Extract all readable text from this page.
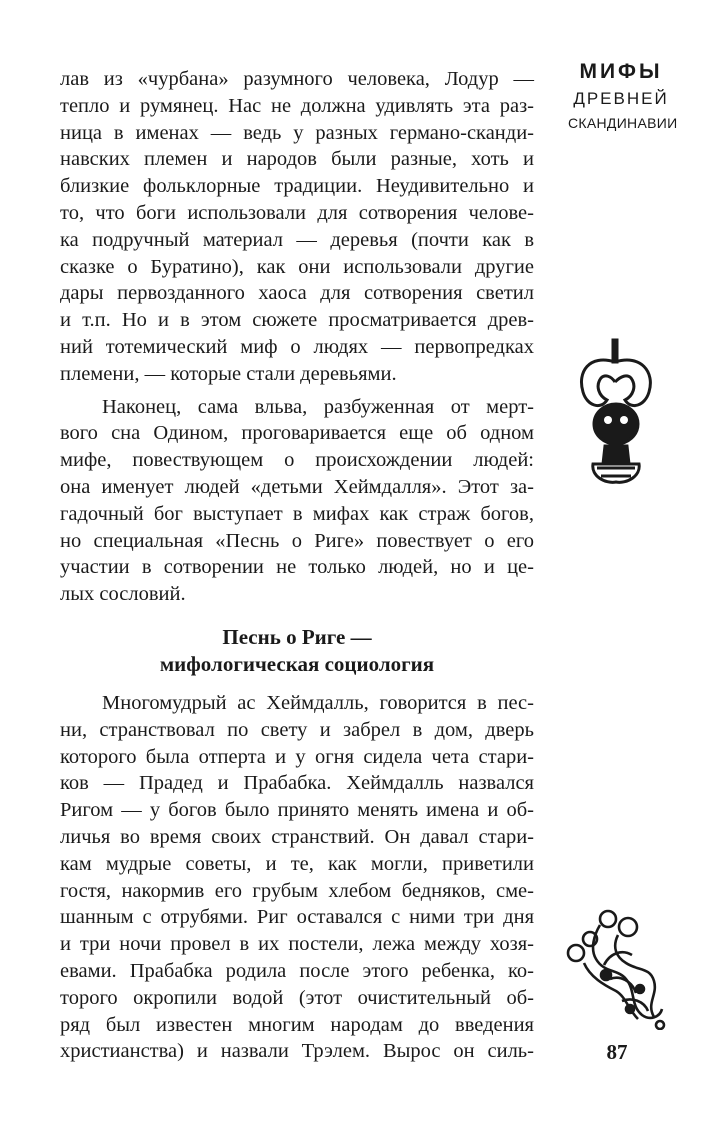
лав из «чурбана» разумного человека, Лодур —
тепло и румянец. Нас не должна удивлять эта раз-
ница в именах — ведь у разных германо-сканди-
навских племен и народов были разные, хоть и
близкие фольклорные традиции. Неудивительно и
то, что боги использовали для сотворения челове-
ка подручный материал — деревья (почти как в
сказке о Буратино), как они использовали другие
дары первозданного хаоса для сотворения светил
и т.п. Но и в этом сюжете просматривается древ-
ний тотемический миф о людях — первопредках
племени, — которые стали деревьями.
Наконец, сама вльва, разбуженная от мерт-
вого сна Одином, проговаривается еще об одном
мифе, повествующем о происхождении людей:
она именует людей «детьми Хеймдалля». Этот за-
гадочный бог выступает в мифах как страж богов,
но специальная «Песнь о Риге» повествует о его
участии в сотворении не только людей, но и це-
лых сословий.
Песнь о Риге —
мифологическая социология
Многомудрый ас Хеймдалль, говорится в пес-
ни, странствовал по свету и забрел в дом, дверь
которого была отперта и у огня сидела чета стари-
ков — Прадед и Прабабка. Хеймдалль назвался
Ригом — у богов было принято менять имена и об-
личья во время своих странствий. Он давал стари-
кам мудрые советы, и те, как могли, приветили
гостя, накормив его грубым хлебом бедняков, сме-
шанным с отрубями. Риг оставался с ними три дня
и три ночи провел в их постели, лежа между хозя-
евами. Прабабка родила после этого ребенка, ко-
торого окропили водой (этот очистительный об-
ряд был известен многим народам до введения
христианства) и назвали Трэлем. Вырос он силь-
МИФЫ
ДРЕВНЕЙ
СКАНДИНАВИИ
87
